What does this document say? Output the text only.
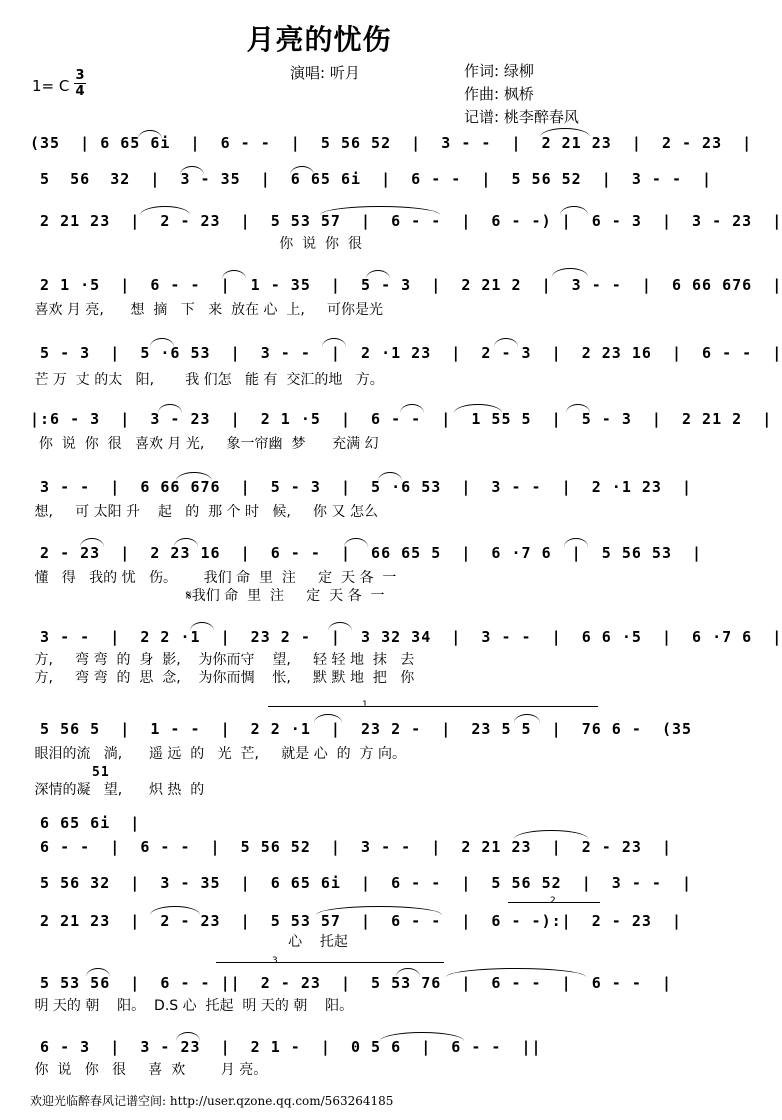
月亮的忧伤
1= C
3
4
演唱: 听月	作词: 绿柳
作曲: 枫桥
记谱: 桃李醉春风
(35  | 6 65 6i  |  6 - -  |  5 56 52  |  3 - -  |  2 21 23  |  2 - 23  |
5  56  32  |  3 - 35  |  6 65 6i  |  6 - -  |  5 56 52  |  3 - -  |
2 21 23  |  2 - 23  |  5 53 57  |  6 - -  |  6 - -) |  6 - 3  |  3 - 23  |
你  说  你  很
2 1 ·5  |  6 - -  |  1 - 35  |  5 - 3  |  2 21 2  |  3 - -  |  6 66 676  |
喜欢 月 亮,      想  摘   下   来  放在 心  上,     可你是光
5 - 3  |  5 ·6 53  |  3 - -  |  2 ·1 23  |  2 - 3  |  2 23 16  |  6 - -  |
芒 万  丈 的太   阳,       我 们怎   能 有  交汇的地   方。
|:6 - 3  |  3 - 23  |  2 1 ·5  |  6 - -  |  1 55 5  |  5 - 3  |  2 21 2  |
你  说  你  很   喜欢 月 光,     象一帘幽  梦      充满 幻
3 - -  |  6 66 676  |  5 - 3  |  5 ·6 53  |  3 - -  |  2 ·1 23  |
想,     可 太阳 升    起   的  那 个 时   候,     你 又 怎么
2 - 23  |  2 23 16  |  6 - -  |  66 65 5  |  6 ·7 6  |  5 56 53  |
懂   得   我的 忧   伤。      我们 命  里  注     定  天 各  一
𝄋我们 命  里  注     定  天 各  一
3 - -  |  2 2 ·1  |  23 2 -  |  3 32 34  |  3 - -  |  6 6 ·5  |  6 ·7 6  |
方,     弯 弯  的  身  影,    为你而守    望,     轻 轻 地  抹   去
方,     弯 弯  的  思  念,    为你而惆    怅,     默 默 地  把   你
1
5 56 5  |  1 - -  |  2 2 ·1  |  23 2 -  |  23 5 5  |  76 6 -  (35
眼泪的流   淌,      遥 远  的   光  芒,     就是 心  的  方 向。
51
深情的凝   望,      炽 热  的
6 65 6i  |
6 - -  |  6 - -  |  5 56 52  |  3 - -  |  2 21 23  |  2 - 23  |
5 56 32  |  3 - 35  |  6 65 6i  |  6 - -  |  5 56 52  |  3 - -  |
2
2 21 23  |  2 - 23  |  5 53 57  |  6 - -  |  6 - -):|  2 - 23  |
心    托起
3
5 53 56  |  6 - - ||  2 - 23  |  5 53 76  |  6 - -  |  6 - -  |
明 天的 朝    阳。  D.S 心  托起  明 天的 朝    阳。
6 - 3  |  3 - 23  |  2 1 -  |  0 5 6  |  6 - -  ||
你  说   你   很     喜  欢        月 亮。
欢迎光临醉春风记谱空间: http://user.qzone.qq.com/563264185
